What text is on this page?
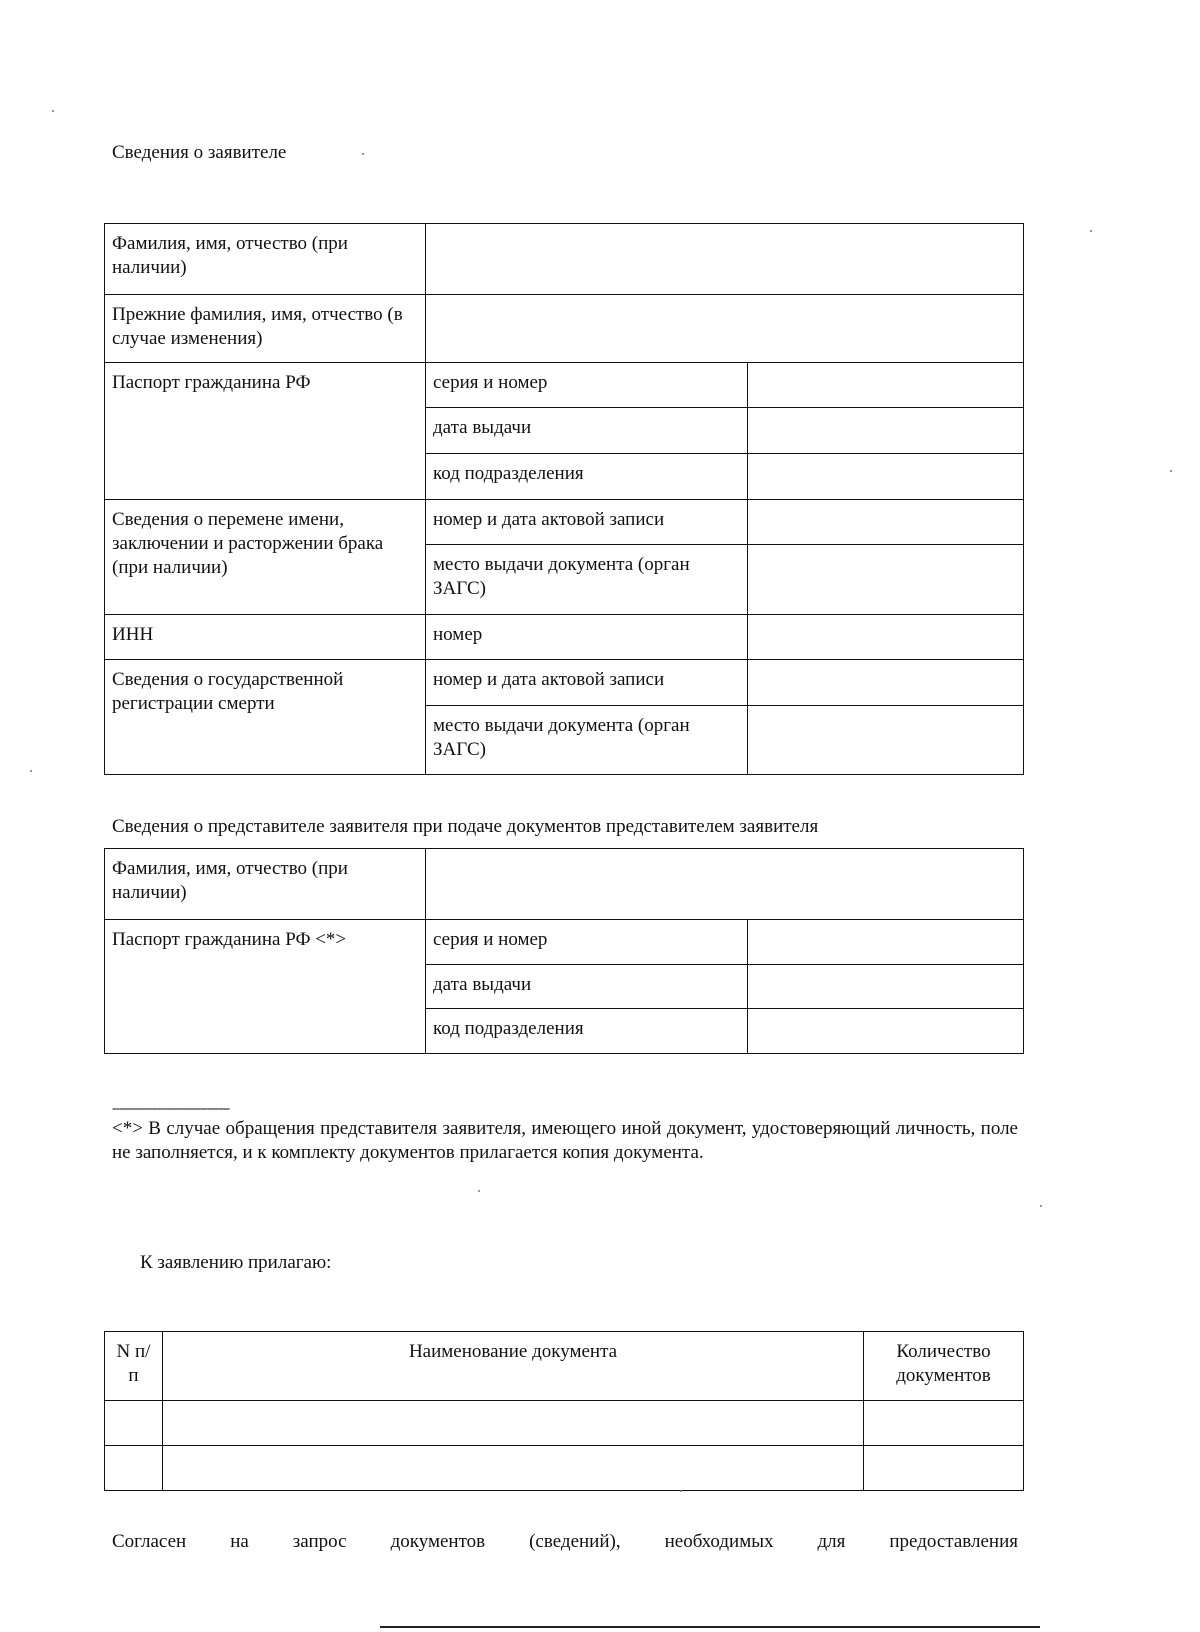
Сведения о заявителе
Фамилия, имя, отчество (при наличии)		
Прежние фамилия, имя, отчество (в случае изменения)		
Паспорт гражданина РФ	серия и номер	
	дата выдачи	
	код подразделения	
Сведения о перемене имени, заключении и расторжении брака (при наличии)	номер и дата актовой записи	
	место выдачи документа (орган ЗАГС)	
ИНН	номер	
Сведения о государственной регистрации смерти	номер и дата актовой записи	
	место выдачи документа (орган ЗАГС)	
Сведения о представителе заявителя при подаче документов представителем заявителя
Фамилия, имя, отчество (при наличии)		
Паспорт гражданина РФ <*>	серия и номер	
	дата выдачи	
	код подразделения	
--------------------------------
<*> В случае обращения представителя заявителя, имеющего иной документ, удостоверяющий личность, поле не заполняется, и к комплекту документов прилагается копия документа.
К заявлению прилагаю:
N п/п	Наименование документа	Количество документов

Согласен на запрос документов (сведений), необходимых для предоставления
